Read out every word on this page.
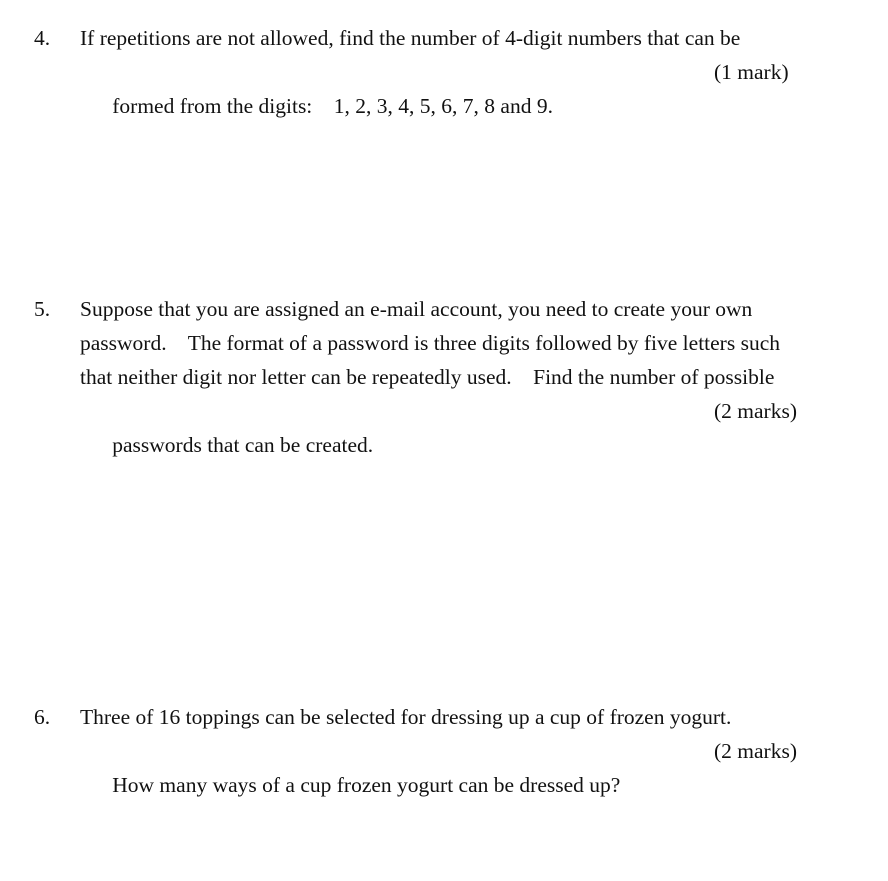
4. If repetitions are not allowed, find the number of 4-digit numbers that can be

formed from the digits:    1, 2, 3, 4, 5, 6, 7, 8 and 9.

(1 mark)

5. Suppose that you are assigned an e-mail account, you need to create your own
password.    The format of a password is three digits followed by five letters such
that neither digit nor letter can be repeatedly used.    Find the number of possible

passwords that can be created.

(2 marks)

6. Three of 16 toppings can be selected for dressing up a cup of frozen yogurt.

How many ways of a cup frozen yogurt can be dressed up?

(2 marks)
